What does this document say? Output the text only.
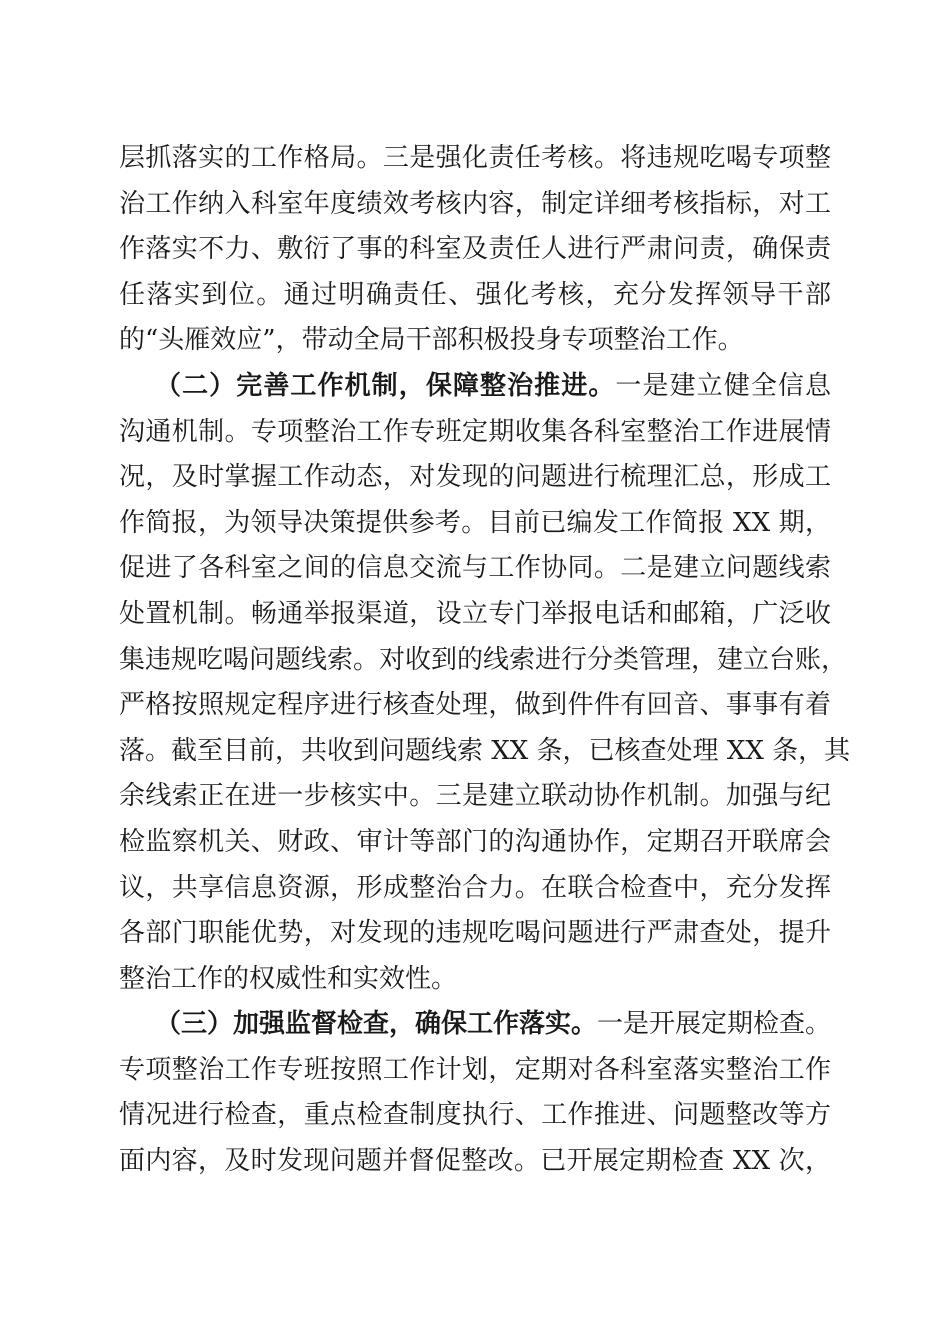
层抓落实的工作格局。三是强化责任考核。将违规吃喝专项整
治工作纳入科室年度绩效考核内容，制定详细考核指标，对工
作落实不力、敷衍了事的科室及责任人进行严肃问责，确保责
任落实到位。通过明确责任、强化考核，充分发挥领导干部
的“头雁效应”，带动全局干部积极投身专项整治工作。
（二）完善工作机制，保障整治推进。一是建立健全信息
沟通机制。专项整治工作专班定期收集各科室整治工作进展情
况，及时掌握工作动态，对发现的问题进行梳理汇总，形成工
作简报，为领导决策提供参考。目前已编发工作简报 XX 期，
促进了各科室之间的信息交流与工作协同。二是建立问题线索
处置机制。畅通举报渠道，设立专门举报电话和邮箱，广泛收
集违规吃喝问题线索。对收到的线索进行分类管理，建立台账，
严格按照规定程序进行核查处理，做到件件有回音、事事有着
落。截至目前，共收到问题线索 XX 条，已核查处理 XX 条，其
余线索正在进一步核实中。三是建立联动协作机制。加强与纪
检监察机关、财政、审计等部门的沟通协作，定期召开联席会
议，共享信息资源，形成整治合力。在联合检查中，充分发挥
各部门职能优势，对发现的违规吃喝问题进行严肃查处，提升
整治工作的权威性和实效性。
（三）加强监督检查，确保工作落实。一是开展定期检查。
专项整治工作专班按照工作计划，定期对各科室落实整治工作
情况进行检查，重点检查制度执行、工作推进、问题整改等方
面内容，及时发现问题并督促整改。已开展定期检查 XX 次，
